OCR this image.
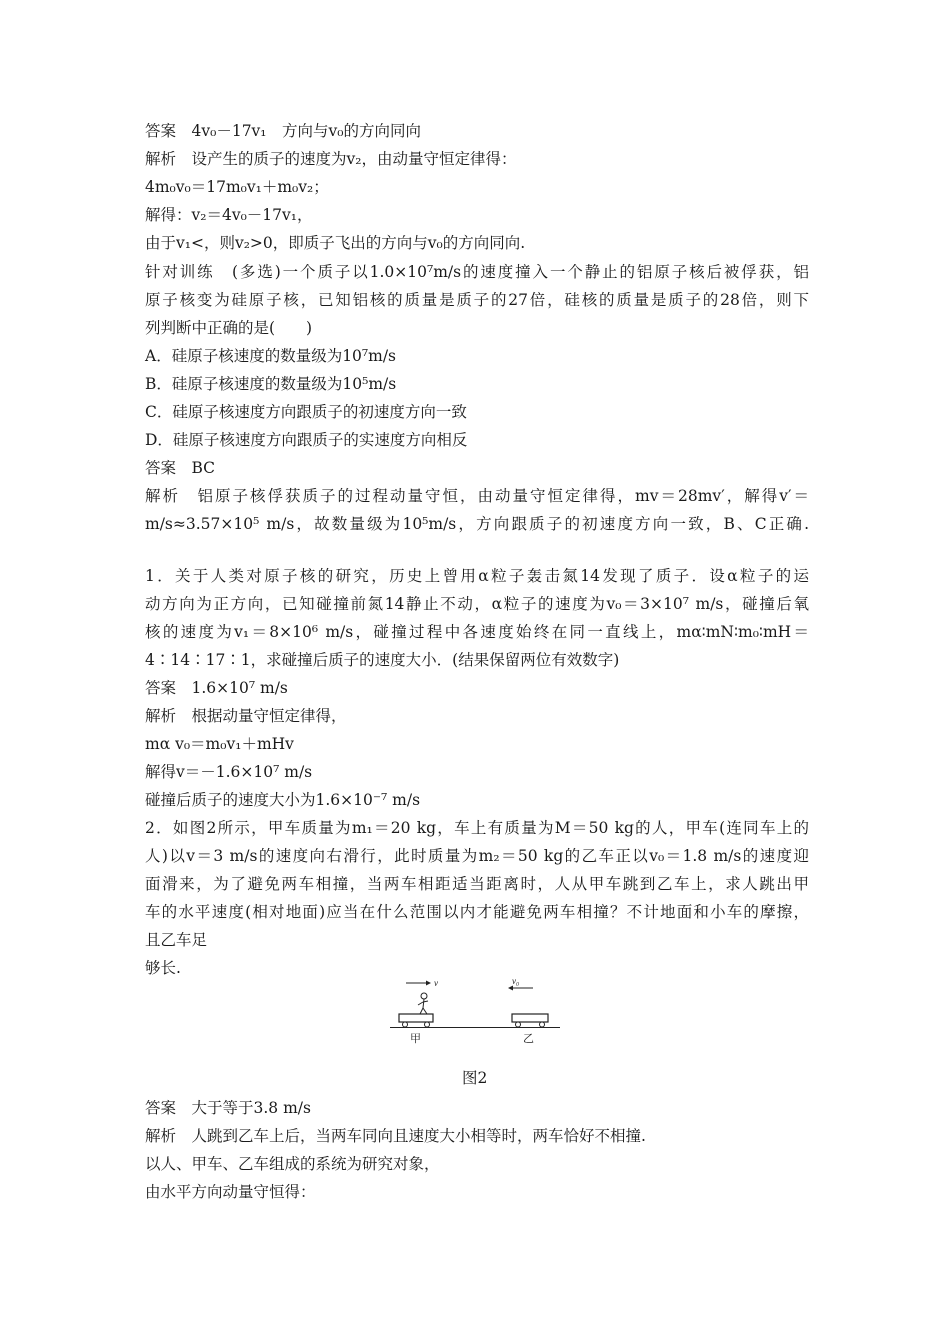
答案　4v₀－17v₁　方向与v₀的方向同向
解析　设产生的质子的速度为v₂，由动量守恒定律得：
4m₀v₀＝17m₀v₁＋m₀v₂；
解得：v₂＝4v₀－17v₁，
由于v₁<，则v₂>0，即质子飞出的方向与v₀的方向同向.
针对训练　(多选)一个质子以1.0×10⁷m/s的速度撞入一个静止的铝原子核后被俘获，铝
原子核变为硅原子核，已知铝核的质量是质子的27倍，硅核的质量是质子的28倍，则下
列判断中正确的是(　　)
A．硅原子核速度的数量级为10⁷m/s
B．硅原子核速度的数量级为10⁵m/s
C．硅原子核速度方向跟质子的初速度方向一致
D．硅原子核速度方向跟质子的实速度方向相反
答案　BC
解析　铝原子核俘获质子的过程动量守恒，由动量守恒定律得，mv＝28mv′，解得v′＝
m/s≈3.57×10⁵ m/s，故数量级为10⁵m/s，方向跟质子的初速度方向一致，B、C正确.
1．关于人类对原子核的研究，历史上曾用α粒子轰击氮14发现了质子．设α粒子的运
动方向为正方向，已知碰撞前氮14静止不动，α粒子的速度为v₀＝3×10⁷ m/s，碰撞后氧
核的速度为v₁＝8×10⁶ m/s，碰撞过程中各速度始终在同一直线上，mα∶mN∶m₀∶mH＝
4∶14∶17∶1，求碰撞后质子的速度大小．(结果保留两位有效数字)
答案　1.6×10⁷ m/s
解析　根据动量守恒定律得，
mα v₀＝m₀v₁＋mHv
解得v＝－1.6×10⁷ m/s
碰撞后质子的速度大小为1.6×10⁻⁷ m/s
2．如图2所示，甲车质量为m₁＝20 kg，车上有质量为M＝50 kg的人，甲车(连同车上的
人)以v＝3 m/s的速度向右滑行，此时质量为m₂＝50 kg的乙车正以v₀＝1.8 m/s的速度迎
面滑来，为了避免两车相撞，当两车相距适当距离时，人从甲车跳到乙车上，求人跳出甲
车的水平速度(相对地面)应当在什么范围以内才能避免两车相撞？不计地面和小车的摩擦，
且乙车足
够长.
v	v₀
甲	乙
图2
答案　大于等于3.8 m/s
解析　人跳到乙车上后，当两车同向且速度大小相等时，两车恰好不相撞.
以人、甲车、乙车组成的系统为研究对象，
由水平方向动量守恒得：
